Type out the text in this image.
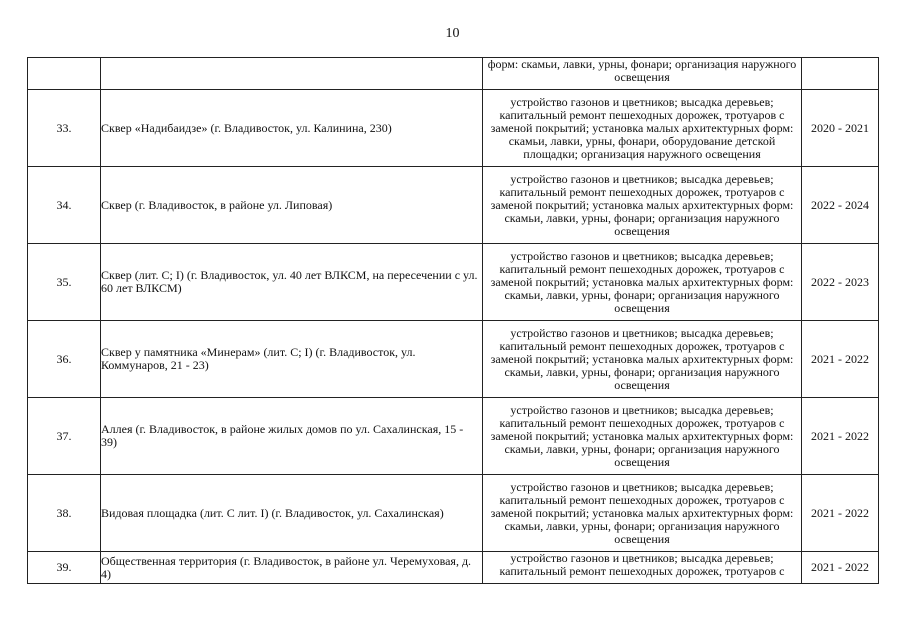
10
		форм: скамьи, лавки, урны, фонари; организация наружного освещения	
33.	Сквер «Надибаидзе» (г. Владивосток, ул. Калинина, 230)	устройство газонов и цветников; высадка деревьев; капитальный ремонт пешеходных дорожек, тротуаров с заменой покрытий; установка малых архитектурных форм: скамьи, лавки, урны, фонари, оборудование детской площадки; организация наружного освещения	2020 - 2021
34.	Сквер (г. Владивосток, в районе ул. Липовая)	устройство газонов и цветников; высадка деревьев; капитальный ремонт пешеходных дорожек, тротуаров с заменой покрытий; установка малых архитектурных форм: скамьи, лавки, урны, фонари; организация наружного освещения	2022 - 2024
35.	Сквер (лит. С; I) (г. Владивосток, ул. 40 лет ВЛКСМ, на пересечении с ул. 60 лет ВЛКСМ)	устройство газонов и цветников; высадка деревьев; капитальный ремонт пешеходных дорожек, тротуаров с заменой покрытий; установка малых архитектурных форм: скамьи, лавки, урны, фонари; организация наружного освещения	2022 - 2023
36.	Сквер у памятника «Минерам» (лит. С; I) (г. Владивосток, ул. Коммунаров, 21 - 23)	устройство газонов и цветников; высадка деревьев; капитальный ремонт пешеходных дорожек, тротуаров с заменой покрытий; установка малых архитектурных форм: скамьи, лавки, урны, фонари; организация наружного освещения	2021 - 2022
37.	Аллея (г. Владивосток, в районе жилых домов по ул. Сахалинская, 15 - 39)	устройство газонов и цветников; высадка деревьев; капитальный ремонт пешеходных дорожек, тротуаров с заменой покрытий; установка малых архитектурных форм: скамьи, лавки, урны, фонари; организация наружного освещения	2021 - 2022
38.	Видовая площадка (лит. С лит. I) (г. Владивосток, ул. Сахалинская)	устройство газонов и цветников; высадка деревьев; капитальный ремонт пешеходных дорожек, тротуаров с заменой покрытий; установка малых архитектурных форм: скамьи, лавки, урны, фонари; организация наружного освещения	2021 - 2022
39.	Общественная территория (г. Владивосток, в районе ул. Черемуховая, д. 4)	устройство газонов и цветников; высадка деревьев; капитальный ремонт пешеходных дорожек, тротуаров с	2021 - 2022
